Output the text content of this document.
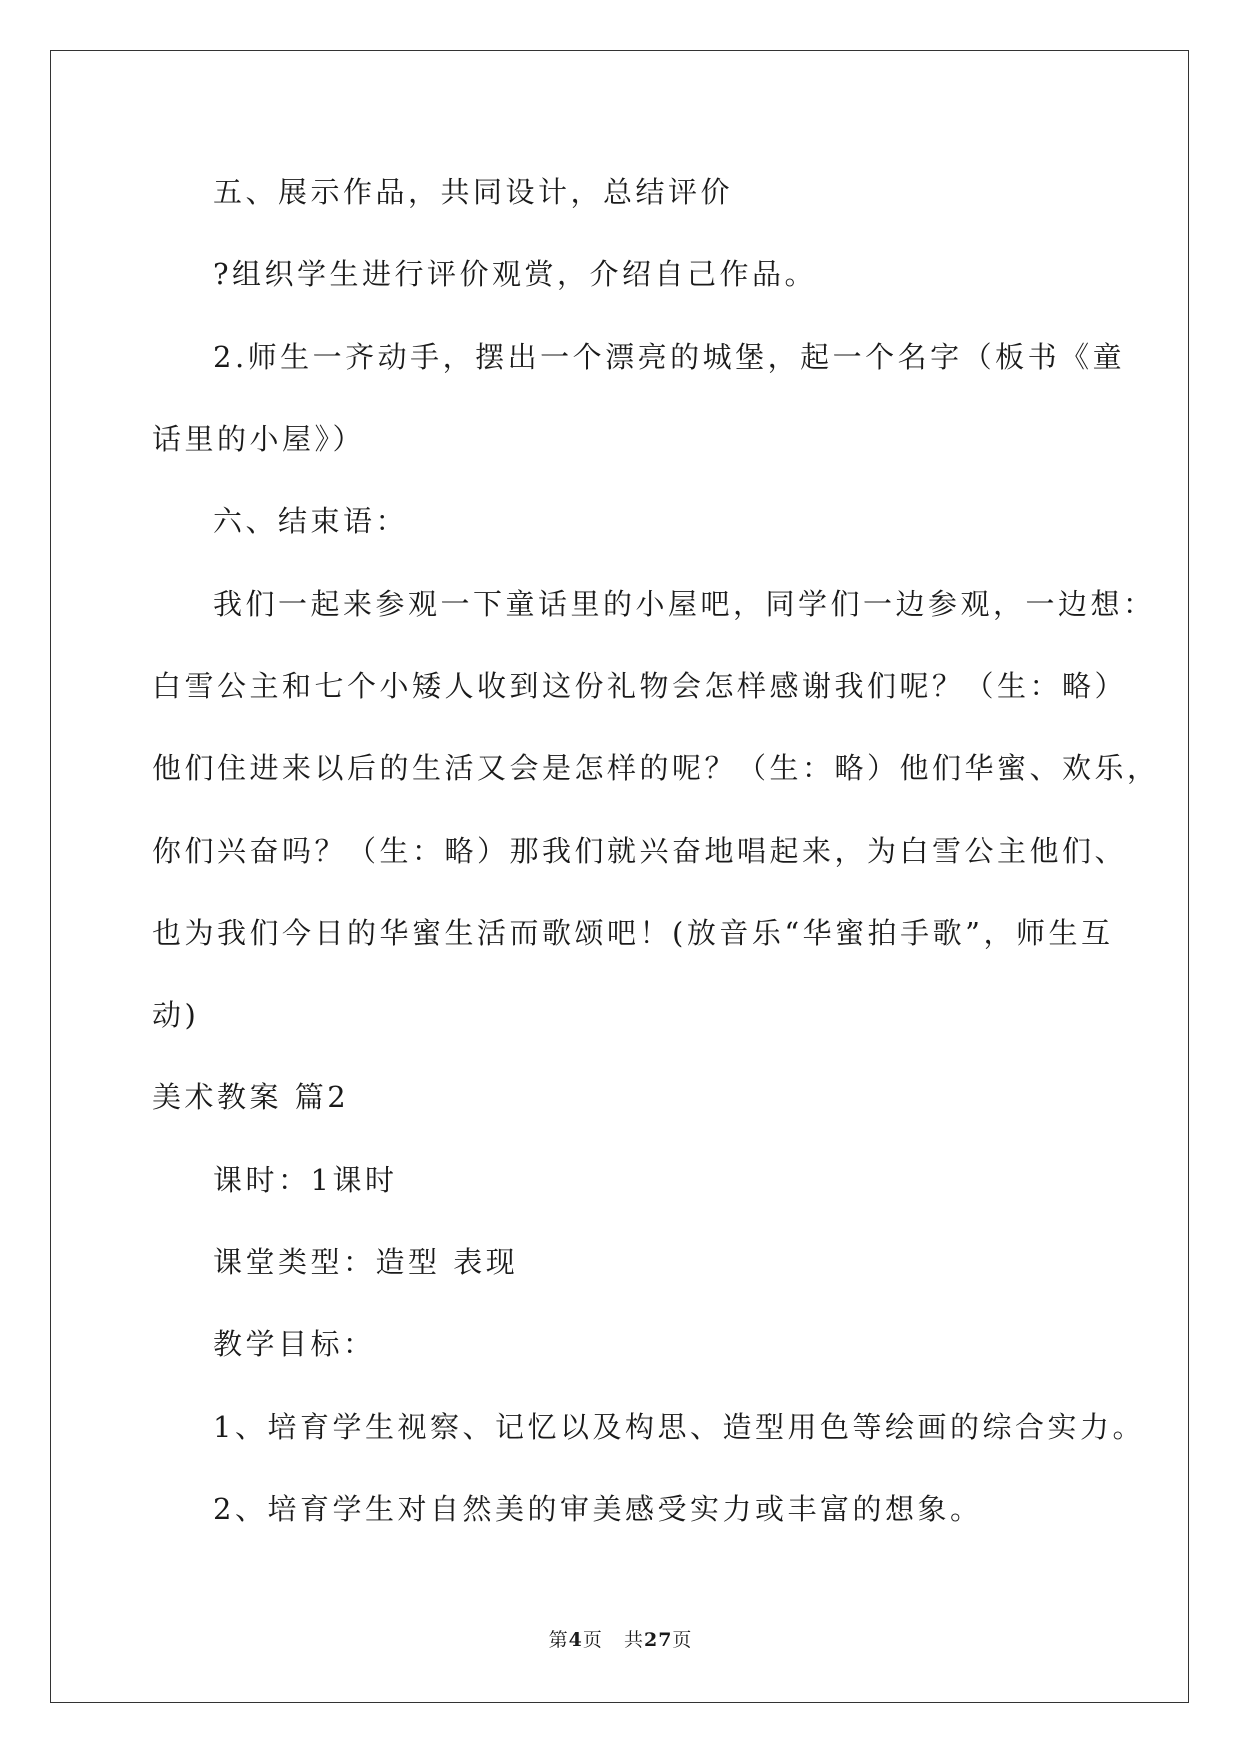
五、展示作品，共同设计，总结评价
?组织学生进行评价观赏，介绍自己作品。
2.师生一齐动手，摆出一个漂亮的城堡，起一个名字（板书《童
话里的小屋》）
六、结束语：
我们一起来参观一下童话里的小屋吧，同学们一边参观，一边想：
白雪公主和七个小矮人收到这份礼物会怎样感谢我们呢？（生：略）
他们住进来以后的生活又会是怎样的呢？（生：略）他们华蜜、欢乐，
你们兴奋吗？（生：略）那我们就兴奋地唱起来，为白雪公主他们、
也为我们今日的华蜜生活而歌颂吧！(放音乐“华蜜拍手歌”，师生互
动)
美术教案 篇2
课时：1课时
课堂类型：造型 表现
教学目标：
1、培育学生视察、记忆以及构思、造型用色等绘画的综合实力。
2、培育学生对自然美的审美感受实力或丰富的想象。
第4页 共27页
